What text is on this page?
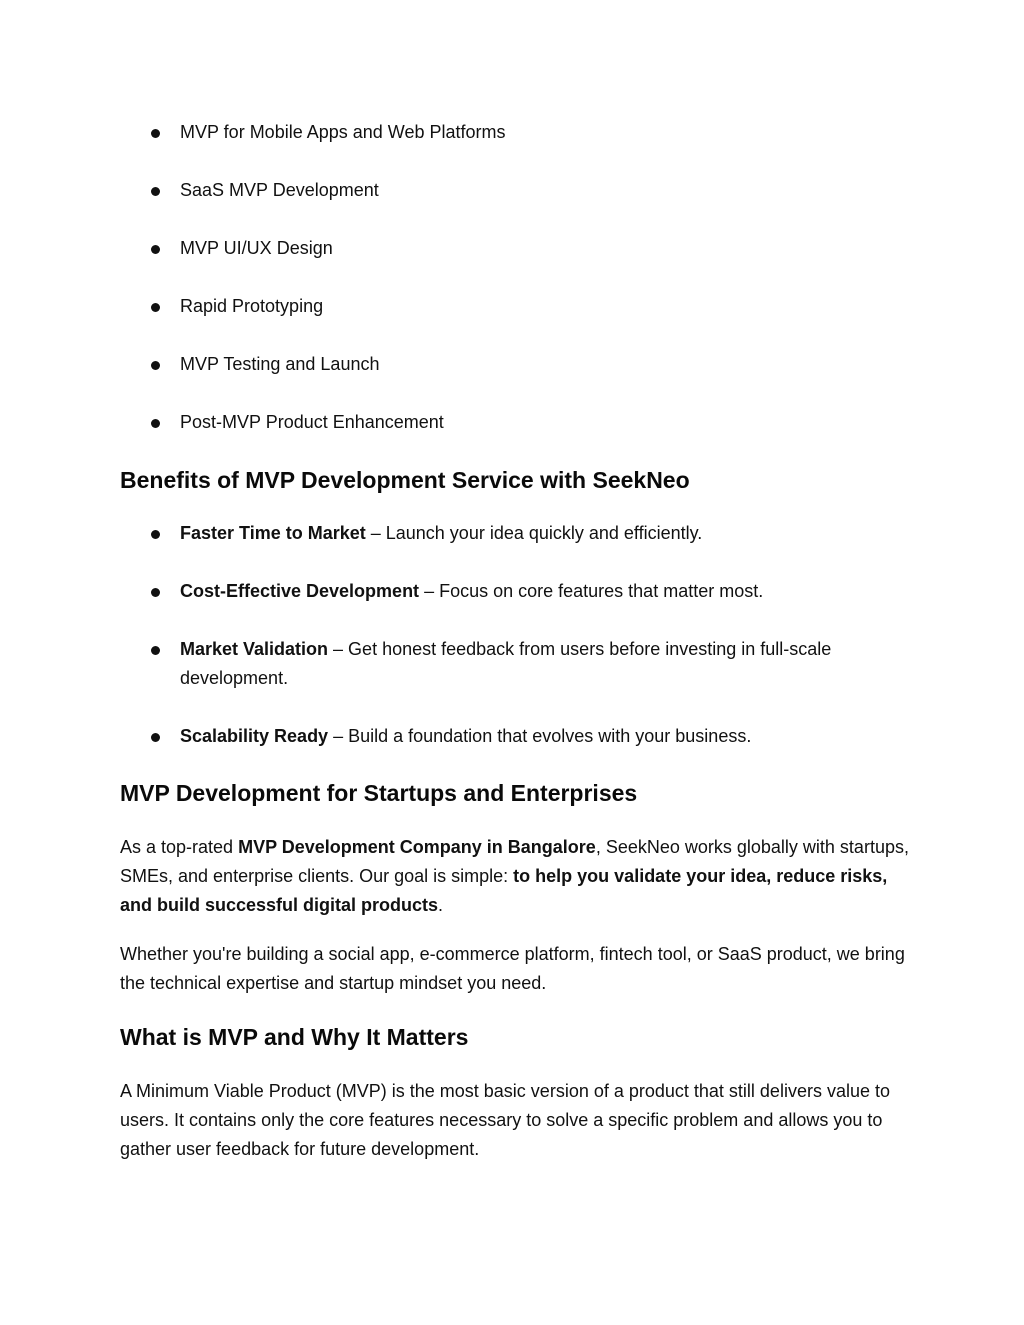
MVP for Mobile Apps and Web Platforms
SaaS MVP Development
MVP UI/UX Design
Rapid Prototyping
MVP Testing and Launch
Post-MVP Product Enhancement
Benefits of MVP Development Service with SeekNeo
Faster Time to Market – Launch your idea quickly and efficiently.
Cost-Effective Development – Focus on core features that matter most.
Market Validation – Get honest feedback from users before investing in full-scale development.
Scalability Ready – Build a foundation that evolves with your business.
MVP Development for Startups and Enterprises

As a top-rated MVP Development Company in Bangalore, SeekNeo works globally with startups, SMEs, and enterprise clients. Our goal is simple: to help you validate your idea, reduce risks, and build successful digital products.

Whether you're building a social app, e-commerce platform, fintech tool, or SaaS product, we bring the technical expertise and startup mindset you need.

What is MVP and Why It Matters

A Minimum Viable Product (MVP) is the most basic version of a product that still delivers value to users. It contains only the core features necessary to solve a specific problem and allows you to gather user feedback for future development.
